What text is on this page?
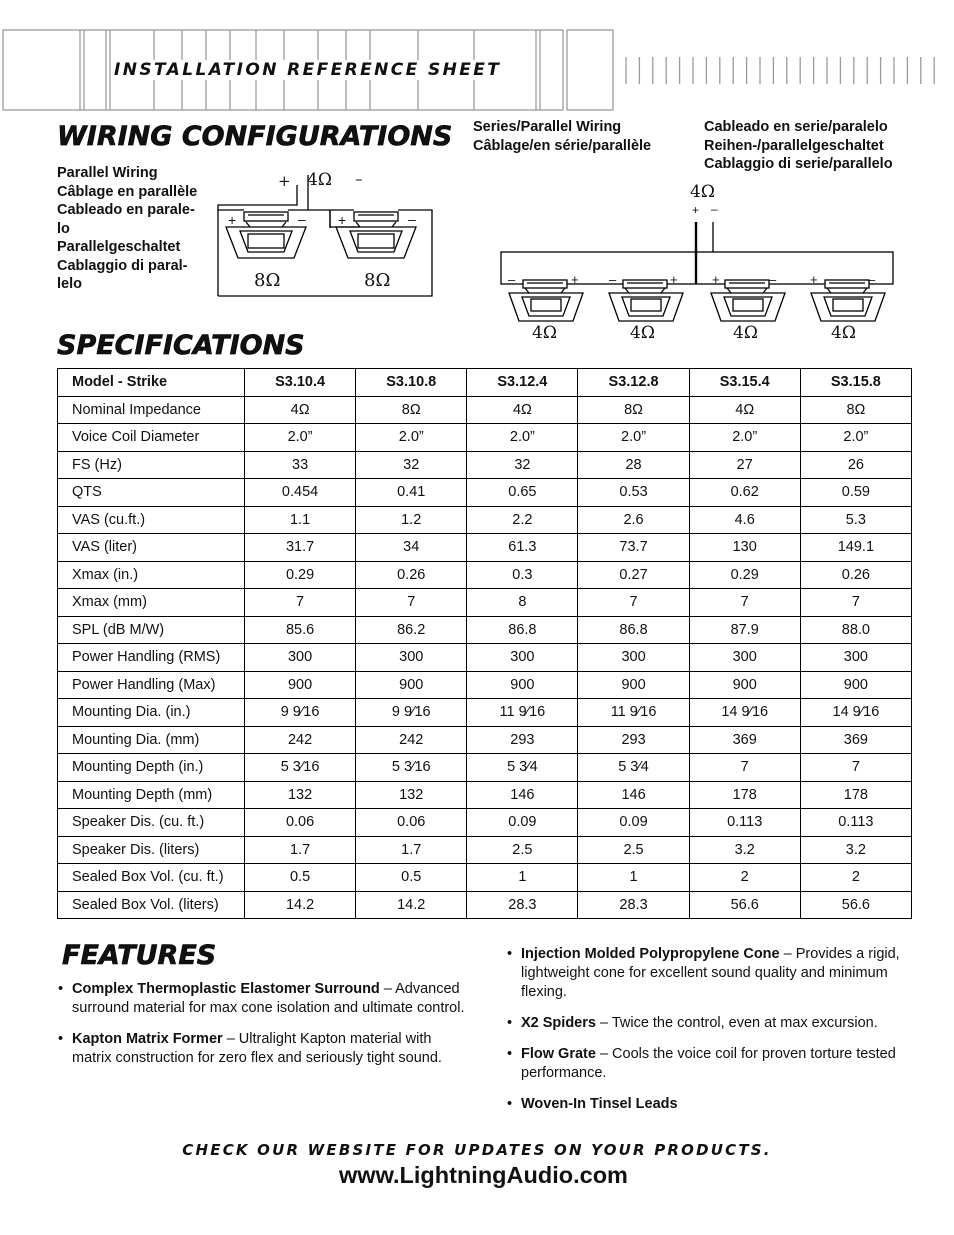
INSTALLATION REFERENCE SHEET
WIRING CONFIGURATIONS
Parallel Wiring
Câblage en parallèle
Cableado en parale-
lo
Parallelgeschaltet
Cablaggio di paral-
lelo
Series/Parallel Wiring
Câblage/en série/parallèle
Cableado en serie/paralelo
Reihen-/parallelgeschaltet
Cablaggio di serie/parallelo
+ 4Ω –
+	– +	–
8Ω	8Ω
4Ω
+ –
–	+ –	+	+	–	+	–
4Ω	4Ω	4Ω	4Ω
SPECIFICATIONS
Model - Strike	S3.10.4	S3.10.8	S3.12.4	S3.12.8	S3.15.4	S3.15.8
Nominal Impedance	4Ω	8Ω	4Ω	8Ω	4Ω	8Ω
Voice Coil Diameter	2.0”	2.0”	2.0”	2.0”	2.0”	2.0”
FS (Hz)	33	32	32	28	27	26
QTS	0.454	0.41	0.65	0.53	0.62	0.59
VAS (cu.ft.)	1.1	1.2	2.2	2.6	4.6	5.3
VAS (liter)	31.7	34	61.3	73.7	130	149.1
Xmax (in.)	0.29	0.26	0.3	0.27	0.29	0.26
Xmax (mm)	7	7	8	7	7	7
SPL (dB M/W)	85.6	86.2	86.8	86.8	87.9	88.0
Power Handling (RMS)	300	300	300	300	300	300
Power Handling (Max)	900	900	900	900	900	900
Mounting Dia. (in.)	9 9⁄16	9 9⁄16	11 9⁄16	11 9⁄16	14 9⁄16	14 9⁄16
Mounting Dia. (mm)	242	242	293	293	369	369
Mounting Depth (in.)	5 3⁄16	5 3⁄16	5 3⁄4	5 3⁄4	7	7
Mounting Depth (mm)	132	132	146	146	178	178
Speaker Dis. (cu. ft.)	0.06	0.06	0.09	0.09	0.113	0.113
Speaker Dis. (liters)	1.7	1.7	2.5	2.5	3.2	3.2
Sealed Box Vol. (cu. ft.)	0.5	0.5	1	1	2	2
Sealed Box Vol. (liters)	14.2	14.2	28.3	28.3	56.6	56.6
FEATURES
• Complex Thermoplastic Elastomer Surround – Advanced surround material for max cone isolation and ultimate control.
• Kapton Matrix Former – Ultralight Kapton material with matrix construction for zero flex and seriously tight sound.
• Injection Molded Polypropylene Cone – Provides a rigid, lightweight cone for excellent sound quality and minimum flexing.
• X2 Spiders – Twice the control, even at max excursion.
• Flow Grate – Cools the voice coil for proven torture tested performance.
• Woven-In Tinsel Leads
CHECK OUR WEBSITE FOR UPDATES ON YOUR PRODUCTS.
www.LightningAudio.com
